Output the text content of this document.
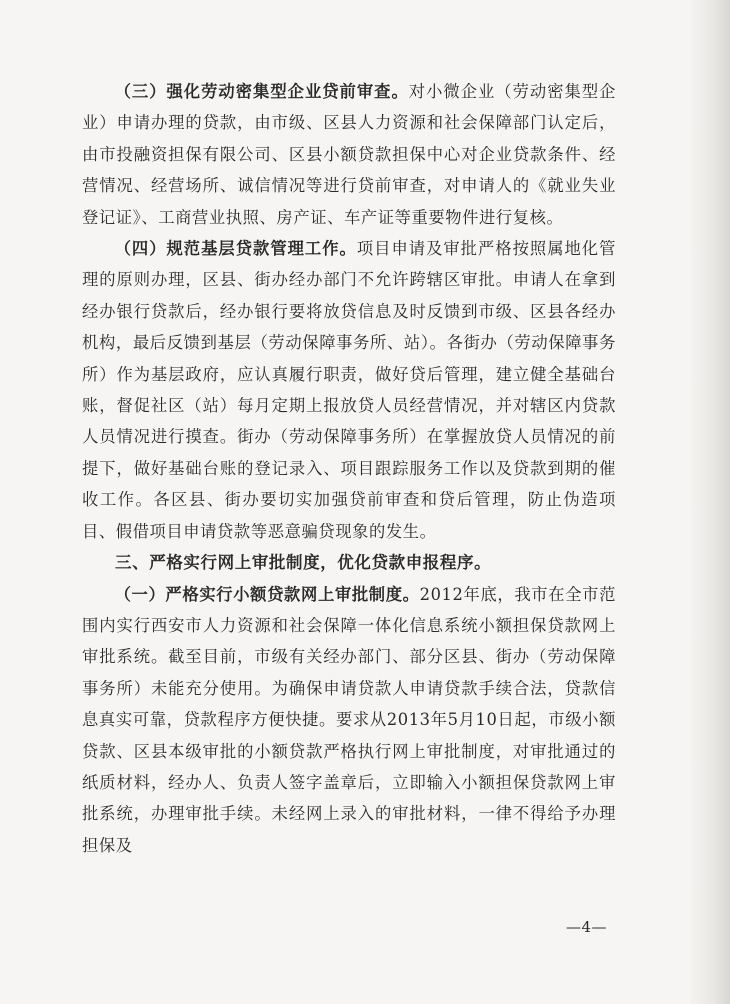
（三）强化劳动密集型企业贷前审查。对小微企业（劳动密集型企业）申请办理的贷款，由市级、区县人力资源和社会保障部门认定后，由市投融资担保有限公司、区县小额贷款担保中心对企业贷款条件、经营情况、经营场所、诚信情况等进行贷前审查，对申请人的《就业失业登记证》、工商营业执照、房产证、车产证等重要物件进行复核。

（四）规范基层贷款管理工作。项目申请及审批严格按照属地化管理的原则办理，区县、街办经办部门不允许跨辖区审批。申请人在拿到经办银行贷款后，经办银行要将放贷信息及时反馈到市级、区县各经办机构，最后反馈到基层（劳动保障事务所、站）。各街办（劳动保障事务所）作为基层政府，应认真履行职责，做好贷后管理，建立健全基础台账，督促社区（站）每月定期上报放贷人员经营情况，并对辖区内贷款人员情况进行摸查。街办（劳动保障事务所）在掌握放贷人员情况的前提下，做好基础台账的登记录入、项目跟踪服务工作以及贷款到期的催收工作。各区县、街办要切实加强贷前审查和贷后管理，防止伪造项目、假借项目申请贷款等恶意骗贷现象的发生。

三、严格实行网上审批制度，优化贷款申报程序。

（一）严格实行小额贷款网上审批制度。2012年底，我市在全市范围内实行西安市人力资源和社会保障一体化信息系统小额担保贷款网上审批系统。截至目前，市级有关经办部门、部分区县、街办（劳动保障事务所）未能充分使用。为确保申请贷款人申请贷款手续合法，贷款信息真实可靠，贷款程序方便快捷。要求从2013年5月10日起，市级小额贷款、区县本级审批的小额贷款严格执行网上审批制度，对审批通过的纸质材料，经办人、负责人签字盖章后，立即输入小额担保贷款网上审批系统，办理审批手续。未经网上录入的审批材料，一律不得给予办理担保及

—4—
